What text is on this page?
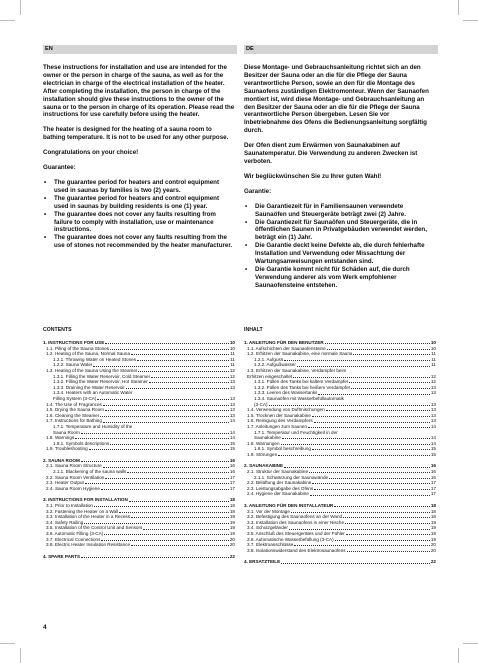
EN	DE

These instructions for installation and use are intended for the owner or the person in charge of the sauna, as well as for the electrician in charge of the electrical installation of the heater. After completing the installation, the person in charge of the installation should give these instructions to the owner of the sauna or to the person in charge of its operation. Please read the instructions for use carefully before using the heater.

The heater is designed for the heating of a sauna room to bathing temperature. It is not to be used for any other purpose.

Congratulations on your choice!

Guarantee:

• The guarantee period for heaters and control equipment used in saunas by families is two (2) years.
• The guarantee period for heaters and control equipment used in saunas by building residents is one (1) year.
• The guarantee does not cover any faults resulting from failure to comply with installation, use or maintenance instructions.
• The guarantee does not cover any faults resulting from the use of stones not recommended by the heater manufacturer.

Diese Montage- und Gebrauchsanleitung richtet sich an den Besitzer der Sauna oder an die für die Pflege der Sauna verantwortliche Person, sowie an den für die Montage des Saunaofens zuständigen Elektromonteur. Wenn der Saunaofen montiert ist, wird diese Montage- und Gebrauchsanleitung an den Besitzer der Sauna oder an die für die Pflege der Sauna verantwortliche Person übergeben. Lesen Sie vor Inbetriebnahme des Ofens die Bedienungsanleitung sorgfältig durch.

Der Ofen dient zum Erwärmen von Saunakabinen auf Saunatemperatur. Die Verwendung zu anderen Zwecken ist verboten.

Wir beglückwünschen Sie zu Ihrer guten Wahl!

Garantie:

• Die Garantiezeit für in Familiensaunen verwendete Saunaöfen und Steuergeräte beträgt zwei (2) Jahre.
• Die Garantiezeit für Saunaöfen und Steuergeräte, die in öffentlichen Saunen in Privatgebäuden verwendet werden, beträgt ein (1) Jahr.
• Die Garantie deckt keine Defekte ab, die durch fehlerhafte Installation und Verwendung oder Missachtung der Wartungsanweisungen entstanden sind.
• Die Garantie kommt nicht für Schäden auf, die durch Verwendung anderer als vom Werk empfohlener Saunaofensteine entstehen.
CONTENTS
1. INSTRUCTIONS FOR USE	10
1.1. Piling of the Sauna Stones	10
1.2. Heating of the Sauna, Normal Sauna	11
1.2.1. Throwing Water on Heated Stones	11
1.2.2. Sauna Water	11
1.3. Heating of the Sauna Using the Steamer	12
1.3.1. Filling the Water Reservoir, Cold Steamer	12
1.3.2. Filling the Water Reservoir, Hot Steamer	13
1.3.3. Draining the Water Reservoir	13
1.3.4. Heaters with an Automatic Water
Filling System (3-CA)	13
1.4. The Use of Fragrances	13
1.5. Drying the Sauna Room	13
1.6. Cleaning the Steamer	13
1.7. Instructions for Bathing	14
1.7.1. Temperature and Humidity of the
Sauna Room	14
1.8. Warnings	14
1.8.1. Symbols descriptions	15
1.9. Troubleshooting	15
2. SAUNA ROOM	16
2.1. Sauna Room Structure	16
2.1.1. Blackening of the sauna walls	16
2.2. Sauna Room Ventilation	17
2.3. Heater Output	17
2.4. Sauna Room Hygiene	17
3. INSTRUCTIONS FOR INSTALLATION	18
3.1. Prior to Installation	18
3.2. Fastening the Heater on a Wall	18
3.3. Installation of the Heater in a Recess	19
3.4. Safety Railing	19
3.5. Installation of the Control Unit and Sensors	19
3.6. Automatic Filling (3-CA)	19
3.7. Electrical Connections	20
3.8. Electric Heater Insulation Resistance	20
4. SPARE PARTS	22
INHALT
1. ANLEITUNG FÜR DEN BENUTZER	10
1.1. Aufschichten der Saunaofensteine	10
1.2. Erhitzen der Saunakabine, eine normale Sauna	11
1.2.1. Aufguss	11
1.2.2. Aufgußwasser	11
1.3. Erhitzen der Saunakabine, Verdampfer beim
Erhitzen eingeschaltet	12
1.3.1. Füllen des Tanks bei kaltem Verdampfer	12
1.3.2. Füllen des Tanks bei heißem Verdampfer	13
1.3.3. Leeren des Wassertanks	13
1.3.4. Saunaöfen mit Wasserbefüllautomatik
(3-CA)	13
1.4. Verwendung von Duftmischungen	13
1.5. Trocknen der Saunakabine	13
1.6. Reinigung des Verdampfers	13
1.7. Anleitungen zum Saunen	14
1.7.1. Temperatur und Feuchtigkeit in der
Saunakabine	14
1.8. Warnungen	14
1.8.1. Symbol beschreibung	15
1.9. Störungen	15
2. SAUNAKABINE	16
2.1. Struktur der Saunakabine	16
2.1.1. Schwärzung der Saunawände	16
2.2. Belüftung der Saunakabine	17
2.3. Leistungsabgabe des Ofens	17
2.4. Hygiene der Saunakabine	17
3. ANLEITUNG FÜR DEN INSTALLATEUR	18
3.1. Vor der Montage	18
3.2. Befestigung des Saunaofens an der Wand	18
3.3. Installation des Saunaofens in einer Nische	19
3.4. Schutzgeländer	19
3.5. Anschluß des Steuergerätes und der Fühler	19
3.6. Automatische Wasserbefüllung (3-CA)	19
3.7. Elektroanschlüsse	20
3.8. Isolationswiderstand des Elektrosaunaofens	20
4. ERSATZTEILE	22
4
